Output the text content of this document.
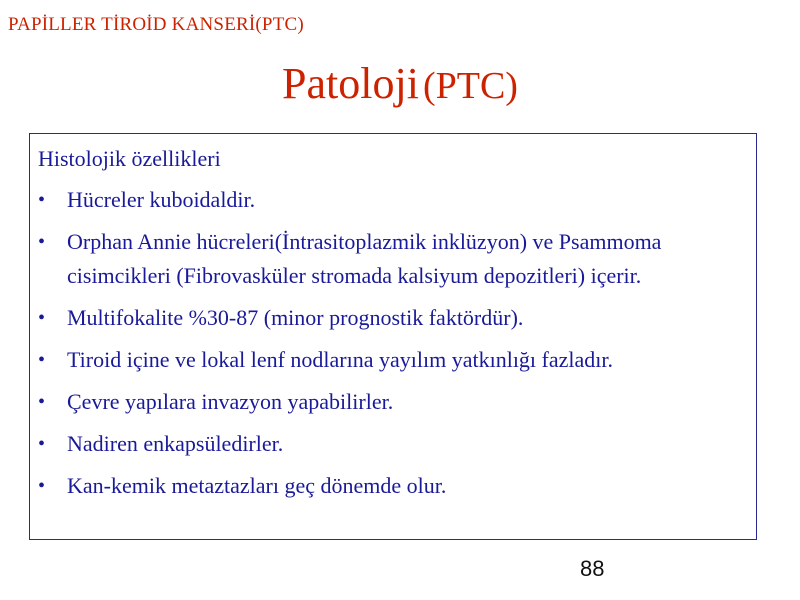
PAPİLLER TİROİD KANSERİ(PTC)
Patoloji (PTC)
Histolojik özellikleri
• Hücreler kuboidaldir.
• Orphan Annie hücreleri(İntrasitoplazmik inklüzyon) ve Psammoma cisimcikleri (Fibrovasküler stromada kalsiyum depozitleri) içerir.
• Multifokalite %30-87 (minor prognostik faktördür).
• Tiroid içine ve lokal lenf nodlarına yayılım yatkınlığı fazladır.
• Çevre yapılara invazyon yapabilirler.
• Nadiren enkapsüledirler.
• Kan-kemik metaztazları geç dönemde olur.
88
